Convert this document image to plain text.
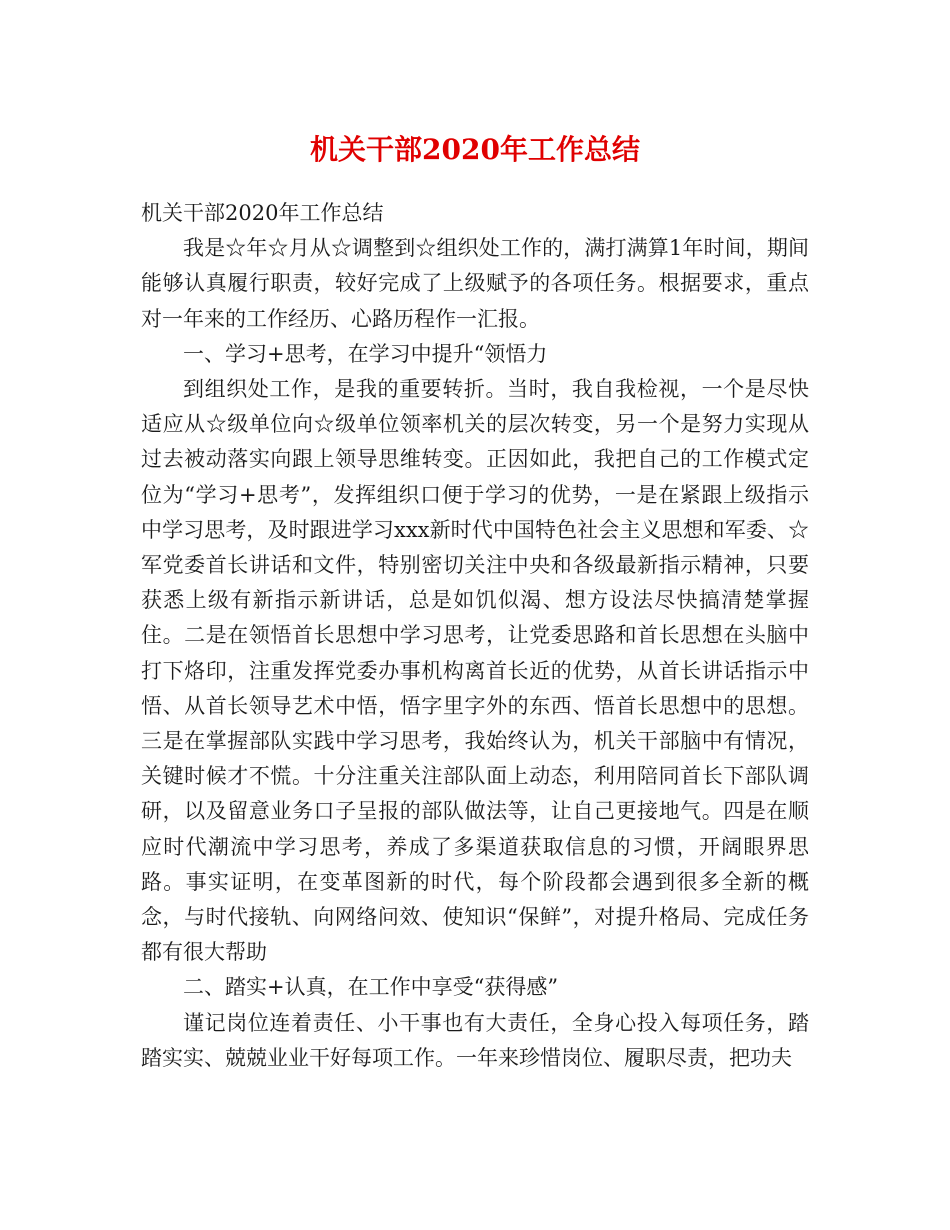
机关干部2020年工作总结

机关干部2020年工作总结

我是☆年☆月从☆调整到☆组织处工作的，满打满算1年时间，期间能够认真履行职责，较好完成了上级赋予的各项任务。根据要求，重点对一年来的工作经历、心路历程作一汇报。

一、学习+思考，在学习中提升“领悟力

到组织处工作，是我的重要转折。当时，我自我检视，一个是尽快适应从☆级单位向☆级单位领率机关的层次转变，另一个是努力实现从过去被动落实向跟上领导思维转变。正因如此，我把自己的工作模式定位为“学习+思考”，发挥组织口便于学习的优势，一是在紧跟上级指示中学习思考，及时跟进学习xxx新时代中国特色社会主义思想和军委、☆军党委首长讲话和文件，特别密切关注中央和各级最新指示精神，只要获悉上级有新指示新讲话，总是如饥似渴、想方设法尽快搞清楚掌握住。二是在领悟首长思想中学习思考，让党委思路和首长思想在头脑中打下烙印，注重发挥党委办事机构离首长近的优势，从首长讲话指示中悟、从首长领导艺术中悟，悟字里字外的东西、悟首长思想中的思想。三是在掌握部队实践中学习思考，我始终认为，机关干部脑中有情况，关键时候才不慌。十分注重关注部队面上动态，利用陪同首长下部队调研，以及留意业务口子呈报的部队做法等，让自己更接地气。四是在顺应时代潮流中学习思考，养成了多渠道获取信息的习惯，开阔眼界思路。事实证明，在变革图新的时代，每个阶段都会遇到很多全新的概念，与时代接轨、向网络问效、使知识“保鲜”，对提升格局、完成任务都有很大帮助

二、踏实+认真，在工作中享受“获得感”

谨记岗位连着责任、小干事也有大责任，全身心投入每项任务，踏踏实实、兢兢业业干好每项工作。一年来珍惜岗位、履职尽责，把功夫
